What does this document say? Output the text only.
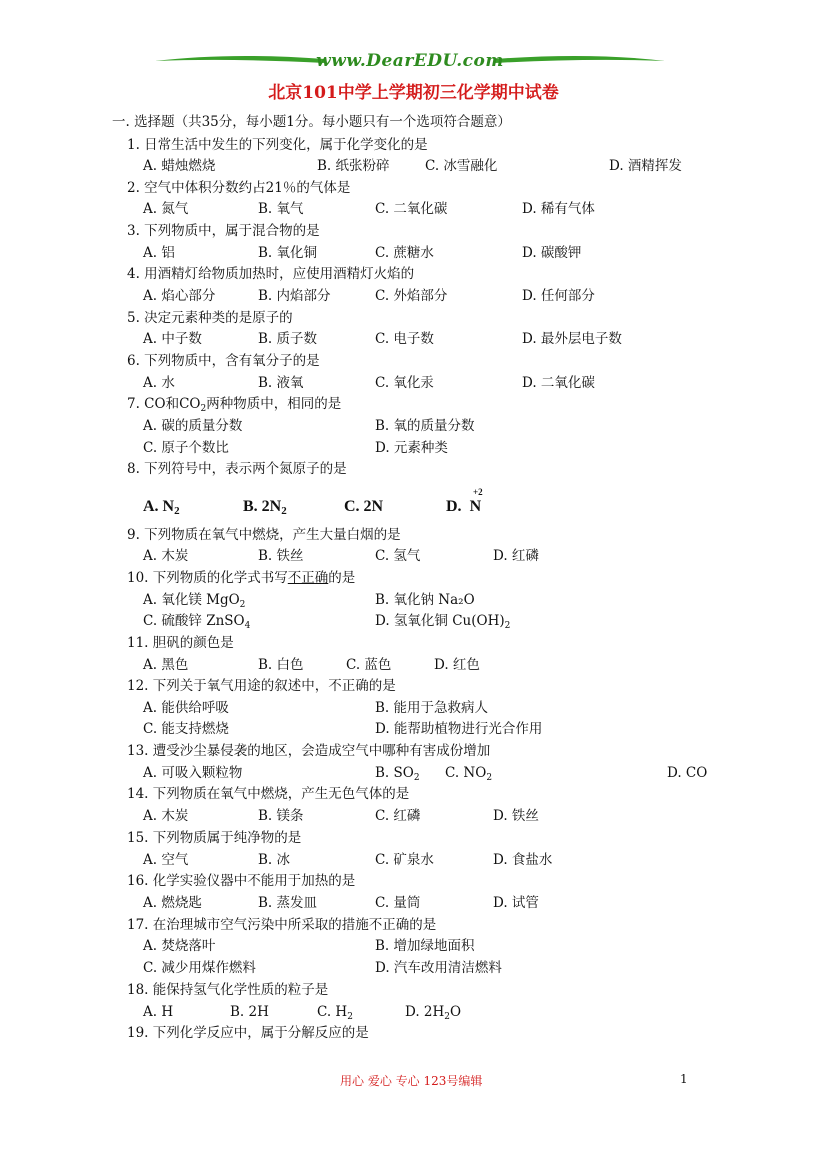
www.DearEDU.com
北京101中学上学期初三化学期中试卷
一. 选择题（共35分，每小题1分。每小题只有一个选项符合题意）
1. 日常生活中发生的下列变化，属于化学变化的是
A. 蜡烛燃烧	B. 纸张粉碎	C. 冰雪融化	D. 酒精挥发
2. 空气中体积分数约占21％的气体是
A. 氮气	B. 氧气	C. 二氧化碳	D. 稀有气体
3. 下列物质中，属于混合物的是
A. 铝	B. 氧化铜	C. 蔗糖水	D. 碳酸钾
4. 用酒精灯给物质加热时，应使用酒精灯火焰的
A. 焰心部分	B. 内焰部分	C. 外焰部分	D. 任何部分
5. 决定元素种类的是原子的
A. 中子数	B. 质子数	C. 电子数	D. 最外层电子数
6. 下列物质中，含有氧分子的是
A. 水	B. 液氧	C. 氧化汞	D. 二氧化碳
7. CO和$CO_2$两种物质中，相同的是
A. 碳的质量分数	B. 氧的质量分数
C. 原子个数比	D. 元素种类
8. 下列符号中，表示两个氮原子的是
A. $N_2$	B. $2N_2$	C. 2N	D. N
+2
9. 下列物质在氧气中燃烧，产生大量白烟的是
A. 木炭	B. 铁丝	C. 氢气	D. 红磷
10. 下列物质的化学式书写不正确的是
A. 氧化镁 MgO$_2$	B. 氧化钠 Na₂O
C. 硫酸锌 ZnSO$_4$	D. 氢氧化铜 $Cu(OH)_2$
11. 胆矾的颜色是
A. 黑色	B. 白色	C. 蓝色	D. 红色
12. 下列关于氧气用途的叙述中，不正确的是
A. 能供给呼吸	B. 能用于急救病人
C. 能支持燃烧	D. 能帮助植物进行光合作用
13. 遭受沙尘暴侵袭的地区，会造成空气中哪种有害成份增加
A. 可吸入颗粒物	B. $SO_2$ C. $NO_2$	D. CO
14. 下列物质在氧气中燃烧，产生无色气体的是
A. 木炭	B. 镁条	C. 红磷	D. 铁丝
15. 下列物质属于纯净物的是
A. 空气	B. 冰	C. 矿泉水	D. 食盐水
16. 化学实验仪器中不能用于加热的是
A. 燃烧匙	B. 蒸发皿	C. 量筒	D. 试管
17. 在治理城市空气污染中所采取的措施不正确的是
A. 焚烧落叶	B. 增加绿地面积
C. 减少用煤作燃料	D. 汽车改用清洁燃料
18. 能保持氢气化学性质的粒子是
A. H	B. 2H	C. $H_2$	D. $2H_2O$
19. 下列化学反应中，属于分解反应的是
用心 爱心 专心 123号编辑	1
